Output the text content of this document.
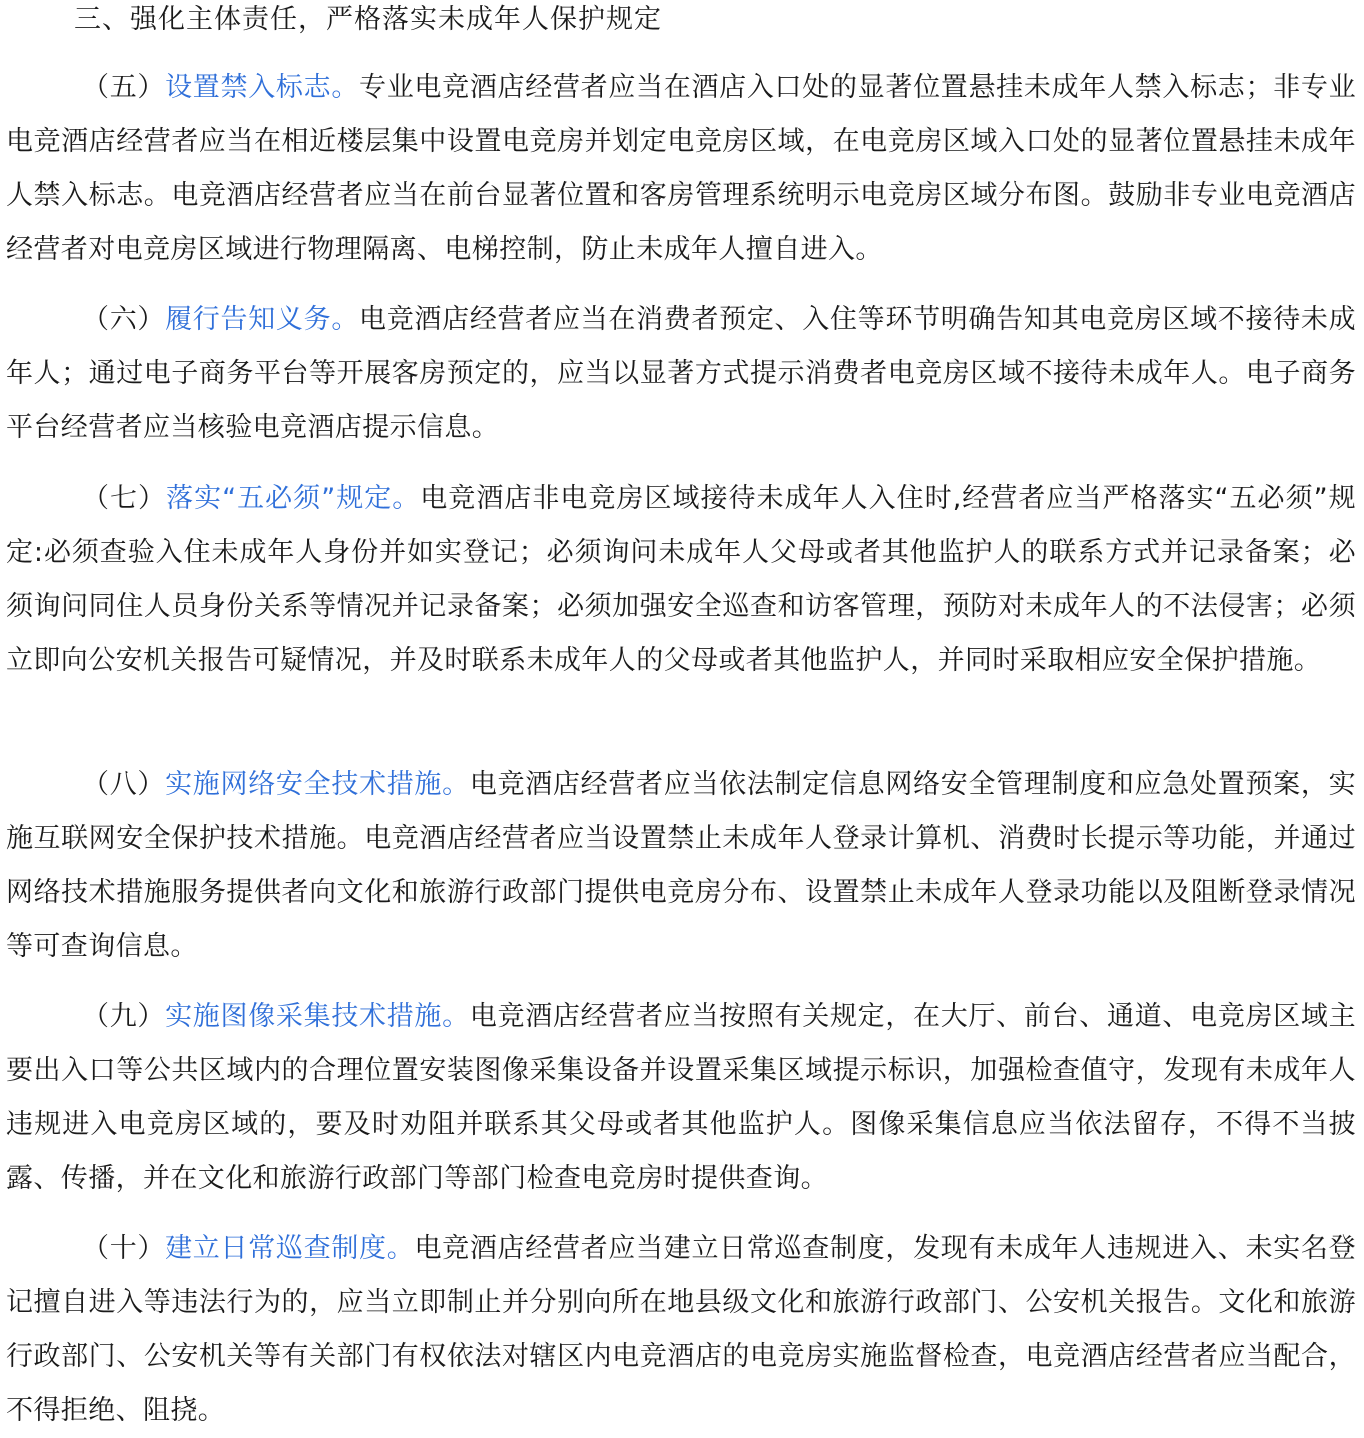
三、强化主体责任，严格落实未成年人保护规定

（五）设置禁入标志。专业电竞酒店经营者应当在酒店入口处的显著位置悬挂未成年人禁入标志；非专业电竞酒店经营者应当在相近楼层集中设置电竞房并划定电竞房区域，在电竞房区域入口处的显著位置悬挂未成年人禁入标志。电竞酒店经营者应当在前台显著位置和客房管理系统明示电竞房区域分布图。鼓励非专业电竞酒店经营者对电竞房区域进行物理隔离、电梯控制，防止未成年人擅自进入。

（六）履行告知义务。电竞酒店经营者应当在消费者预定、入住等环节明确告知其电竞房区域不接待未成年人；通过电子商务平台等开展客房预定的，应当以显著方式提示消费者电竞房区域不接待未成年人。电子商务平台经营者应当核验电竞酒店提示信息。

（七）落实“五必须”规定。电竞酒店非电竞房区域接待未成年人入住时,经营者应当严格落实“五必须”规定:必须查验入住未成年人身份并如实登记；必须询问未成年人父母或者其他监护人的联系方式并记录备案；必须询问同住人员身份关系等情况并记录备案；必须加强安全巡查和访客管理，预防对未成年人的不法侵害；必须立即向公安机关报告可疑情况，并及时联系未成年人的父母或者其他监护人，并同时采取相应安全保护措施。

（八）实施网络安全技术措施。电竞酒店经营者应当依法制定信息网络安全管理制度和应急处置预案，实施互联网安全保护技术措施。电竞酒店经营者应当设置禁止未成年人登录计算机、消费时长提示等功能，并通过网络技术措施服务提供者向文化和旅游行政部门提供电竞房分布、设置禁止未成年人登录功能以及阻断登录情况等可查询信息。

（九）实施图像采集技术措施。电竞酒店经营者应当按照有关规定，在大厅、前台、通道、电竞房区域主要出入口等公共区域内的合理位置安装图像采集设备并设置采集区域提示标识，加强检查值守，发现有未成年人违规进入电竞房区域的，要及时劝阻并联系其父母或者其他监护人。图像采集信息应当依法留存，不得不当披露、传播，并在文化和旅游行政部门等部门检查电竞房时提供查询。

（十）建立日常巡查制度。电竞酒店经营者应当建立日常巡查制度，发现有未成年人违规进入、未实名登记擅自进入等违法行为的，应当立即制止并分别向所在地县级文化和旅游行政部门、公安机关报告。文化和旅游行政部门、公安机关等有关部门有权依法对辖区内电竞酒店的电竞房实施监督检查，电竞酒店经营者应当配合，不得拒绝、阻挠。
